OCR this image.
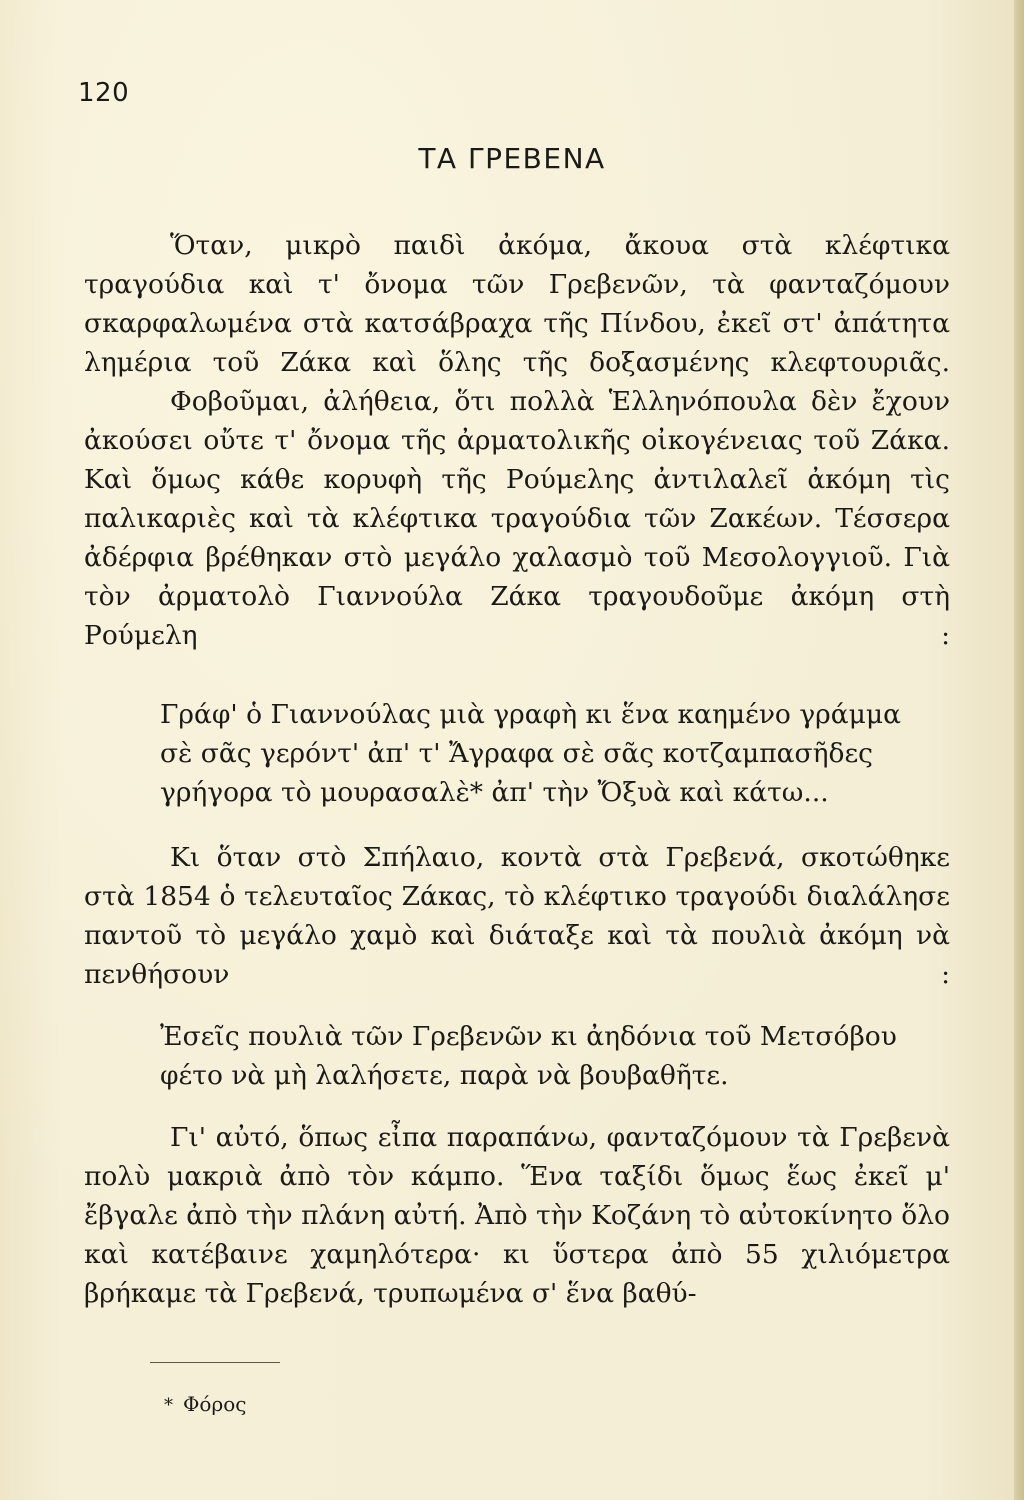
120
ΤΑ ΓΡΕΒΕΝΑ

Ὅταν, μικρὸ παιδὶ ἀκόμα, ἄκουα στὰ κλέφτικα τραγούδια καὶ τ' ὄνομα τῶν Γρεβενῶν, τὰ φανταζόμουν σκαρφαλωμένα στὰ κατσάβραχα τῆς Πίνδου, ἐκεῖ στ' ἀπάτητα λημέρια τοῦ Ζάκα καὶ ὅλης τῆς δοξασμένης κλεφτουριᾶς.

Φοβοῦμαι, ἀλήθεια, ὅτι πολλὰ Ἑλληνόπουλα δὲν ἔχουν ἀκούσει οὔτε τ' ὄνομα τῆς ἀρματολικῆς οἰκογένειας τοῦ Ζάκα. Καὶ ὅμως κάθε κορυφὴ τῆς Ρούμελης ἀντιλαλεῖ ἀκόμη τὶς παλικαριὲς καὶ τὰ κλέφτικα τραγούδια τῶν Ζακέων. Τέσσερα ἀδέρφια βρέθηκαν στὸ μεγάλο χαλασμὸ τοῦ Μεσολογγιοῦ. Γιὰ τὸν ἀρματολὸ Γιαννούλα Ζάκα τραγουδοῦμε ἀκόμη στὴ Ρούμελη :

Γράφ' ὁ Γιαννούλας μιὰ γραφὴ κι ἕνα καημένο γράμμα
σὲ σᾶς γερόντ' ἀπ' τ' Ἄγραφα σὲ σᾶς κοτζαμπασῆδες
γρήγορα τὸ μουρασαλὲ* ἀπ' τὴν Ὄξυὰ καὶ κάτω...

Κι ὅταν στὸ Σπήλαιο, κοντὰ στὰ Γρεβενά, σκοτώθηκε στὰ 1854 ὁ τελευταῖος Ζάκας, τὸ κλέφτικο τραγούδι διαλάλησε παντοῦ τὸ μεγάλο χαμὸ καὶ διάταξε καὶ τὰ πουλιὰ ἀκόμη νὰ πενθήσουν :

Ἐσεῖς πουλιὰ τῶν Γρεβενῶν κι ἀηδόνια τοῦ Μετσόβου
φέτο νὰ μὴ λαλήσετε, παρὰ νὰ βουβαθῆτε.

Γι' αὐτό, ὅπως εἶπα παραπάνω, φανταζόμουν τὰ Γρεβενὰ πολὺ μακριὰ ἀπὸ τὸν κάμπο. Ἕνα ταξίδι ὅμως ἕως ἐκεῖ μ' ἔβγαλε ἀπὸ τὴν πλάνη αὐτή. Ἀπὸ τὴν Κοζάνη τὸ αὐτοκίνητο ὅλο καὶ κατέβαινε χαμηλότερα· κι ὕστερα ἀπὸ 55 χιλιόμετρα βρήκαμε τὰ Γρεβενά, τρυπωμένα σ' ἕνα βαθύ-

* Φόρος
